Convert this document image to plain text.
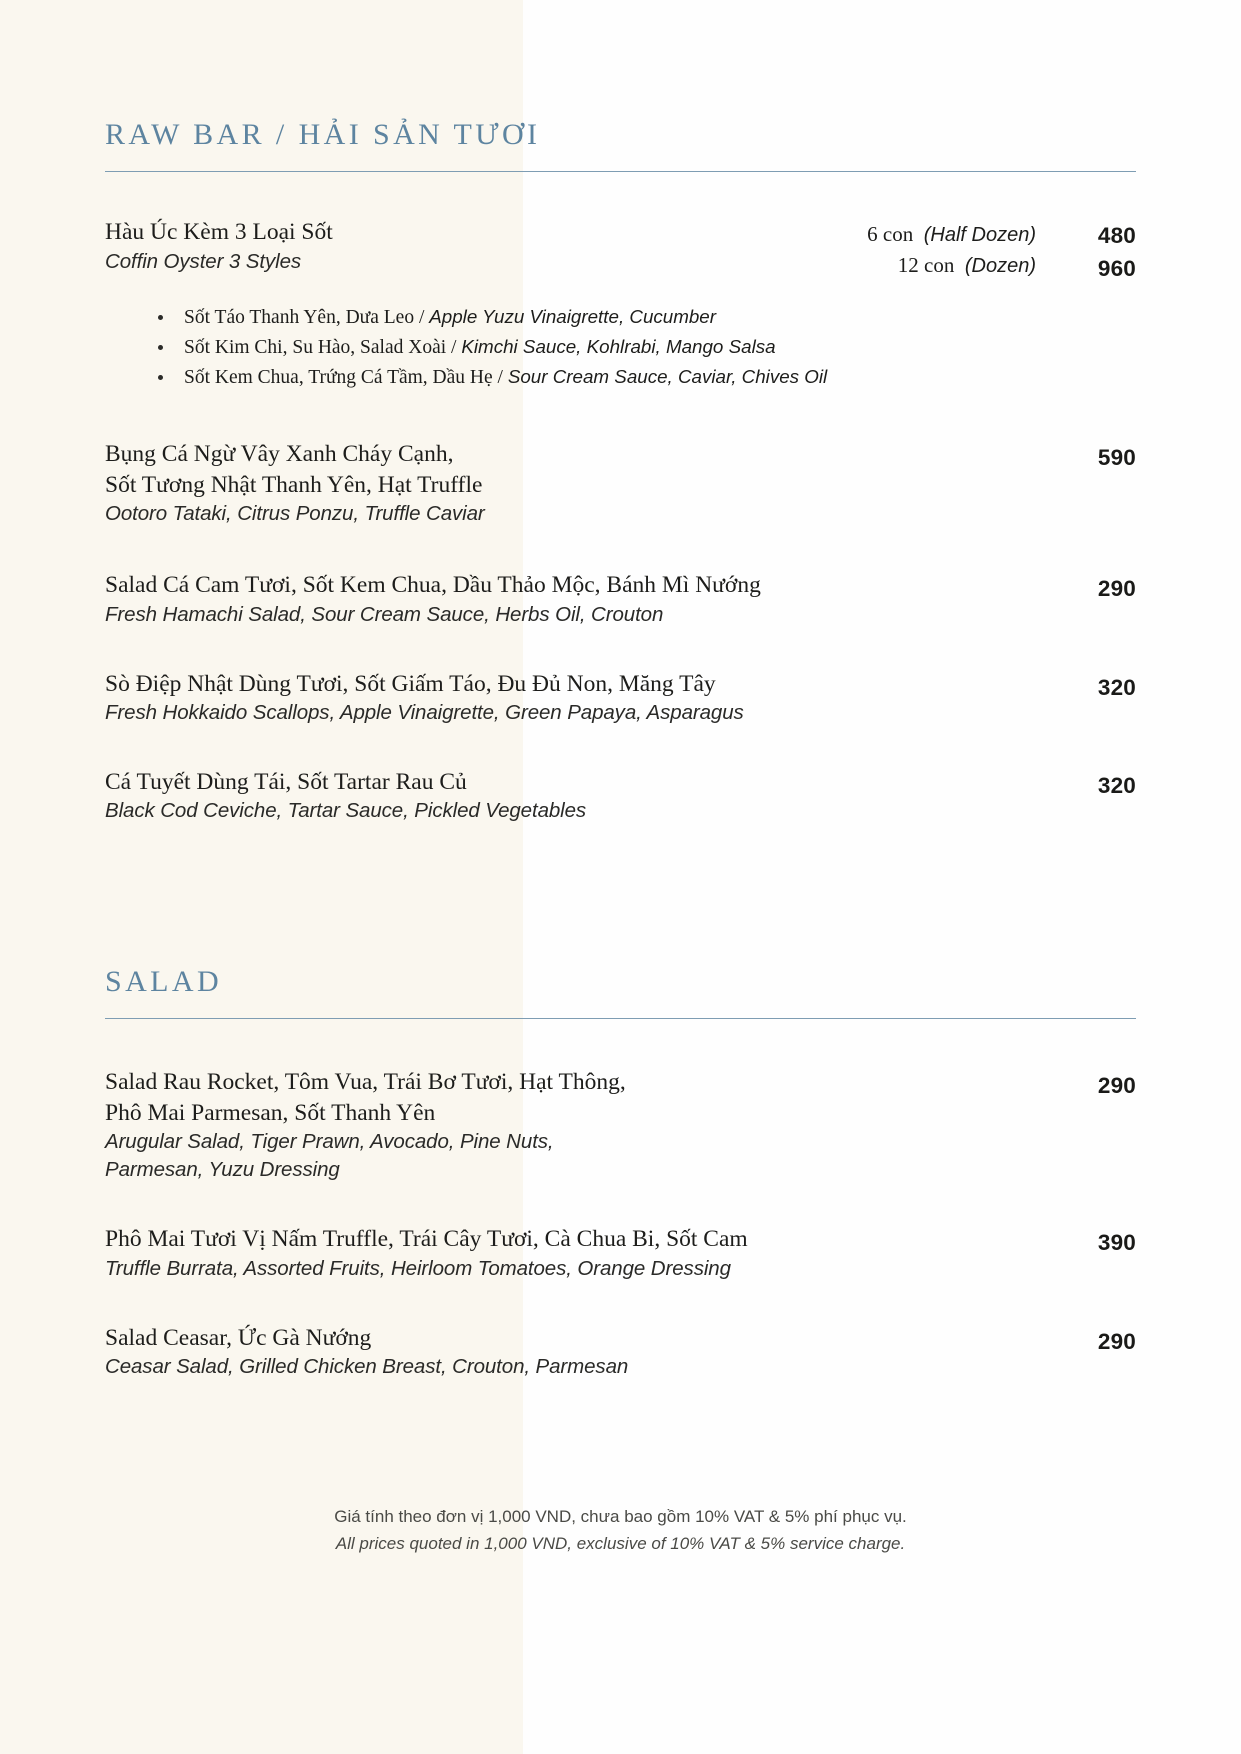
RAW BAR / HẢI SẢN TƯƠI
Hàu Úc Kèm 3 Loại Sốt
Coffin Oyster 3 Styles
6 con (Half Dozen)
12 con (Dozen)
480
960
Sốt Táo Thanh Yên, Dưa Leo / Apple Yuzu Vinaigrette, Cucumber
Sốt Kim Chi, Su Hào, Salad Xoài / Kimchi Sauce, Kohlrabi, Mango Salsa
Sốt Kem Chua, Trứng Cá Tầm, Dầu Hẹ / Sour Cream Sauce, Caviar, Chives Oil
Bụng Cá Ngừ Vây Xanh Cháy Cạnh,
Sốt Tương Nhật Thanh Yên, Hạt Truffle
Ootoro Tataki, Citrus Ponzu, Truffle Caviar
590
Salad Cá Cam Tươi, Sốt Kem Chua, Dầu Thảo Mộc, Bánh Mì Nướng
Fresh Hamachi Salad, Sour Cream Sauce, Herbs Oil, Crouton
290
Sò Điệp Nhật Dùng Tươi, Sốt Giấm Táo, Đu Đủ Non, Măng Tây
Fresh Hokkaido Scallops, Apple Vinaigrette, Green Papaya, Asparagus
320
Cá Tuyết Dùng Tái, Sốt Tartar Rau Củ
Black Cod Ceviche, Tartar Sauce, Pickled Vegetables
320
SALAD
Salad Rau Rocket, Tôm Vua, Trái Bơ Tươi, Hạt Thông,
Phô Mai Parmesan, Sốt Thanh Yên
Arugular Salad, Tiger Prawn, Avocado, Pine Nuts,
Parmesan, Yuzu Dressing
290
Phô Mai Tươi Vị Nấm Truffle, Trái Cây Tươi, Cà Chua Bi, Sốt Cam
Truffle Burrata, Assorted Fruits, Heirloom Tomatoes, Orange Dressing
390
Salad Ceasar, Ức Gà Nướng
Ceasar Salad, Grilled Chicken Breast, Crouton, Parmesan
290
Giá tính theo đơn vị 1,000 VND, chưa bao gồm 10% VAT & 5% phí phục vụ.
All prices quoted in 1,000 VND, exclusive of 10% VAT & 5% service charge.
